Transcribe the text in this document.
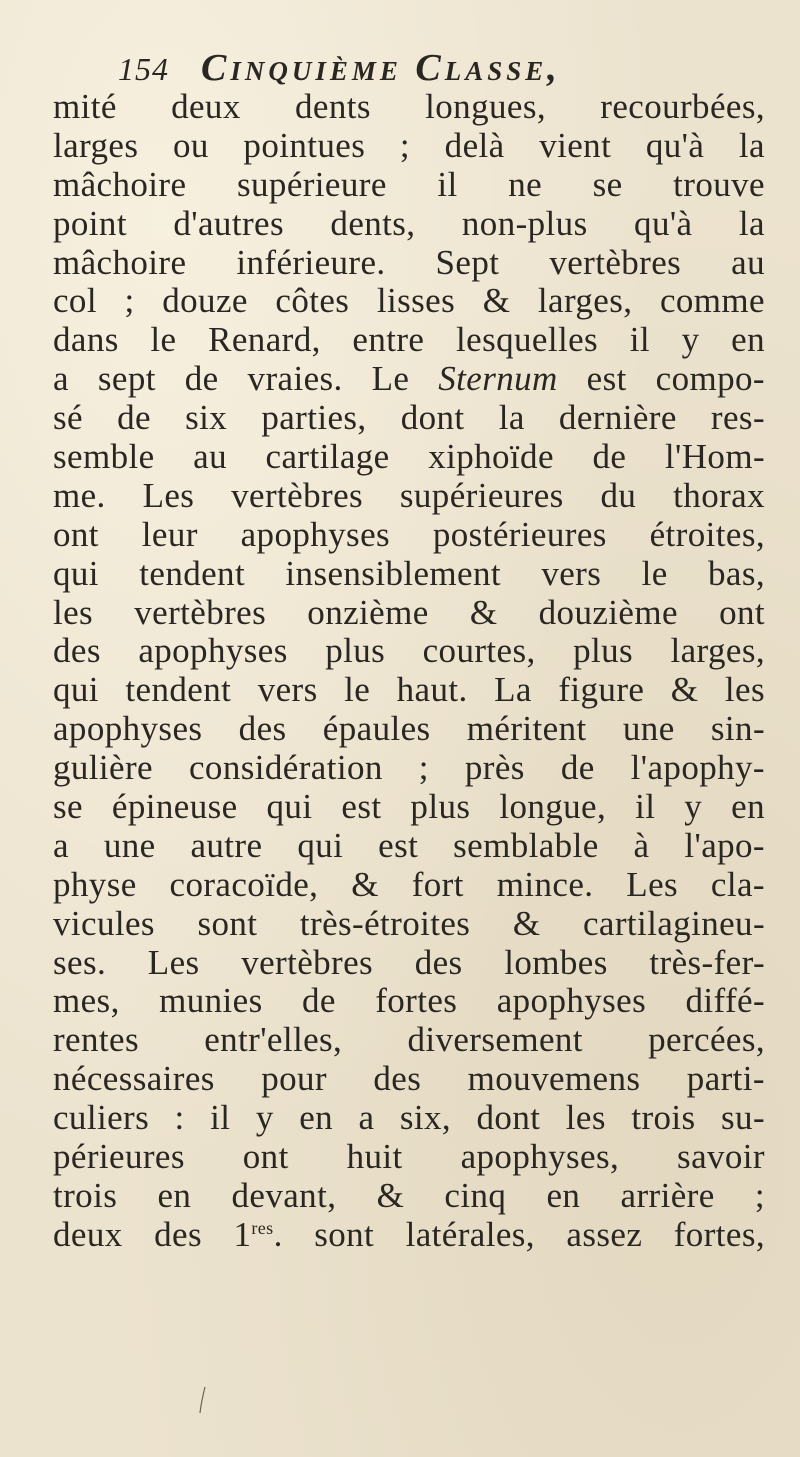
154 Cinquième Classe,
mité deux dents longues, recourbées,
larges ou pointues ; delà vient qu'à la
mâchoire supérieure il ne se trouve
point d'autres dents, non-plus qu'à la
mâchoire inférieure. Sept vertèbres au
col ; douze côtes lisses & larges, comme
dans le Renard, entre lesquelles il y en
a sept de vraies. Le Sternum est compo-
sé de six parties, dont la dernière res-
semble au cartilage xiphoïde de l'Hom-
me. Les vertèbres supérieures du thorax
ont leur apophyses postérieures étroites,
qui tendent insensiblement vers le bas,
les vertèbres onzième & douzième ont
des apophyses plus courtes, plus larges,
qui tendent vers le haut. La figure & les
apophyses des épaules méritent une sin-
gulière considération ; près de l'apophy-
se épineuse qui est plus longue, il y en
a une autre qui est semblable à l'apo-
physe coracoïde, & fort mince. Les cla-
vicules sont très-étroites & cartilagineu-
ses. Les vertèbres des lombes très-fer-
mes, munies de fortes apophyses diffé-
rentes entr'elles, diversement percées,
nécessaires pour des mouvemens parti-
culiers : il y en a six, dont les trois su-
périeures ont huit apophyses, savoir
trois en devant, & cinq en arrière ;
deux des 1res. sont latérales, assez fortes,
